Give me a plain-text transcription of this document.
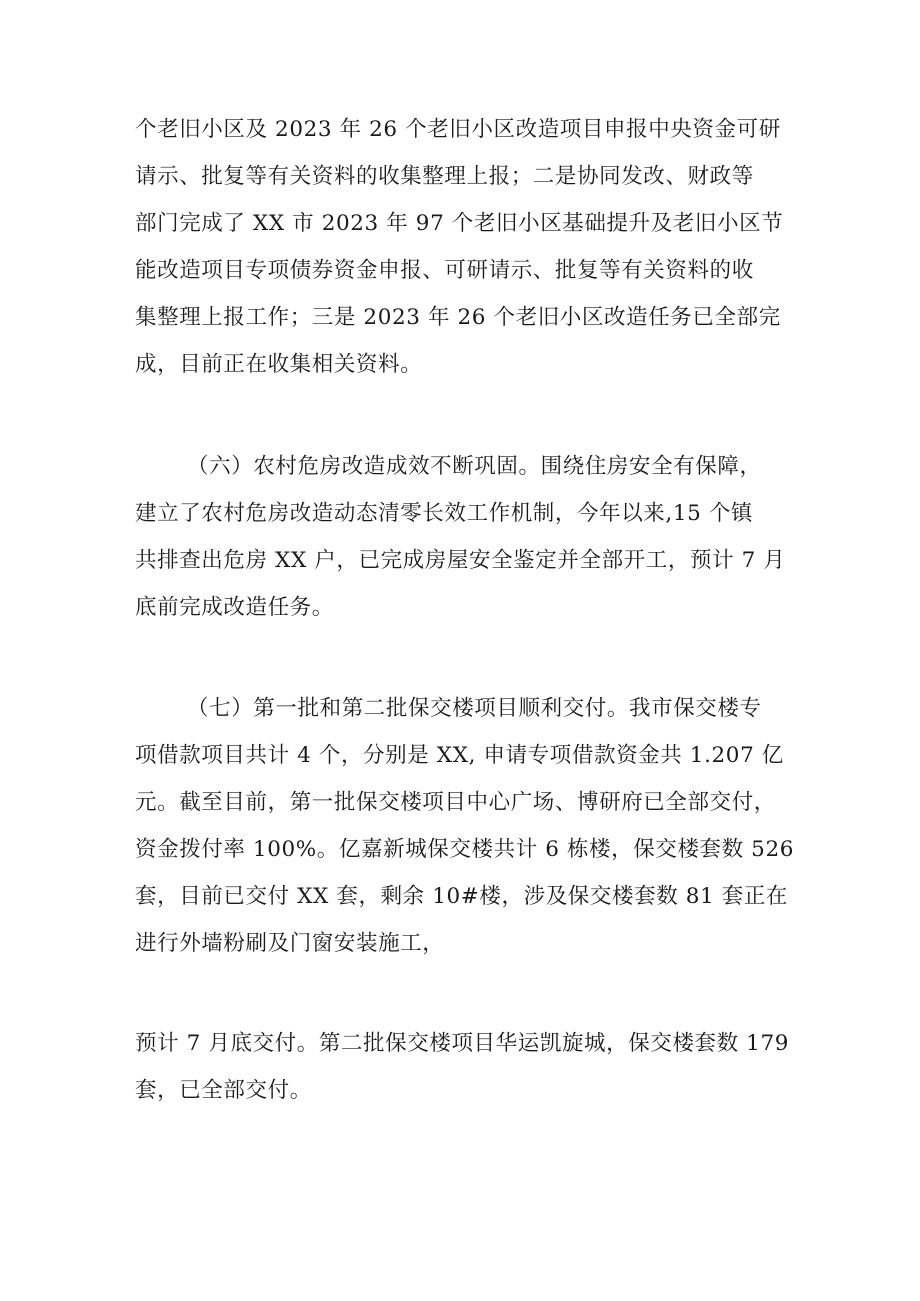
个老旧小区及 2023 年 26 个老旧小区改造项目申报中央资金可研
请示、批复等有关资料的收集整理上报；二是协同发改、财政等
部门完成了 XX 市 2023 年 97 个老旧小区基础提升及老旧小区节
能改造项目专项债券资金申报、可研请示、批复等有关资料的收
集整理上报工作；三是 2023 年 26 个老旧小区改造任务已全部完
成，目前正在收集相关资料。
（六）农村危房改造成效不断巩固。围绕住房安全有保障，
建立了农村危房改造动态清零长效工作机制，今年以来,15 个镇
共排查出危房 XX 户，已完成房屋安全鉴定并全部开工，预计 7 月
底前完成改造任务。
（七）第一批和第二批保交楼项目顺利交付。我市保交楼专
项借款项目共计 4 个，分别是 XX, 申请专项借款资金共 1.207 亿
元。截至目前，第一批保交楼项目中心广场、博研府已全部交付，
资金拨付率 100%。亿嘉新城保交楼共计 6 栋楼，保交楼套数 526
套，目前已交付 XX 套，剩余 10#楼，涉及保交楼套数 81 套正在
进行外墙粉刷及门窗安装施工，
预计 7 月底交付。第二批保交楼项目华运凯旋城，保交楼套数 179
套，已全部交付。
